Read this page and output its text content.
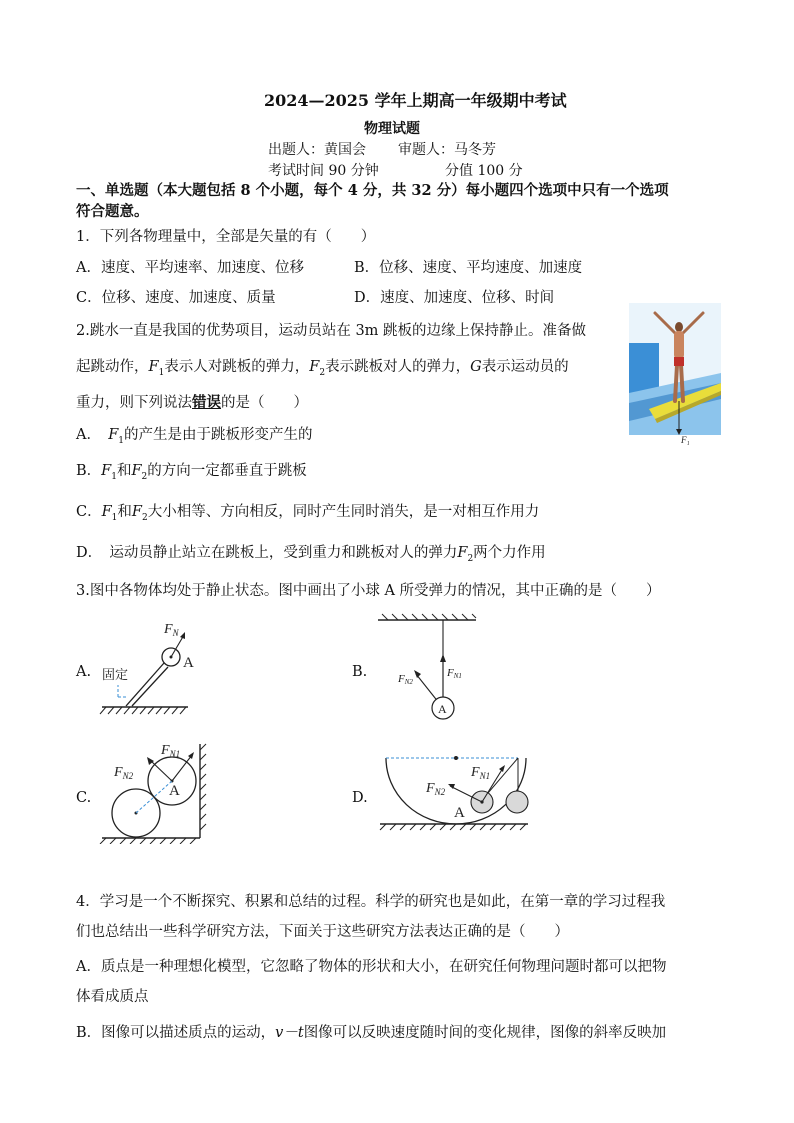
2024—2025 学年上期高一年级期中考试
物理试题
出题人：黄国会 审题人：马冬芳
考试时间 90 分钟	分值 100 分
一、单选题（本大题包括 8 个小题，每个 4 分，共 32 分）每小题四个选项中只有一个选项
符合题意。
1．下列各物理量中，全部是矢量的有（　　）
A．速度、平均速率、加速度、位移	B．位移、速度、平均速度、加速度
C．位移、速度、加速度、质量	D．速度、加速度、位移、时间
2.跳水一直是我国的优势项目，运动员站在 3m 跳板的边缘上保持静止。准备做
起跳动作，$F_1$表示人对跳板的弹力，$F_2$表示跳板对人的弹力，G表示运动员的
重力，则下列说法错误的是（　　）
A．　$F_1$的产生是由于跳板形变产生的
B．$F_1$和$F_2$的方向一定都垂直于跳板
C．$F_1$和$F_2$大小相等、方向相反，同时产生同时消失，是一对相互作用力
D．　运动员静止站立在跳板上，受到重力和跳板对人的弹力$F_2$两个力作用
F₁
3.图中各物体均处于静止状态。图中画出了小球 A 所受弹力的情况，其中正确的是（　　）
A.	B.
C.	D.
$F_N$
A
固定
A
FN1
FN2
$F_{N1}$
$F_{N2}$
A
$F_{N1}$
$F_{N2}$
A
4．学习是一个不断探究、积累和总结的过程。科学的研究也是如此，在第一章的学习过程我
们也总结出一些科学研究方法，下面关于这些研究方法表达正确的是（　　）
A．质点是一种理想化模型，它忽略了物体的形状和大小，在研究任何物理问题时都可以把物
体看成质点
B．图像可以描述质点的运动，v－t图像可以反映速度随时间的变化规律，图像的斜率反映加
